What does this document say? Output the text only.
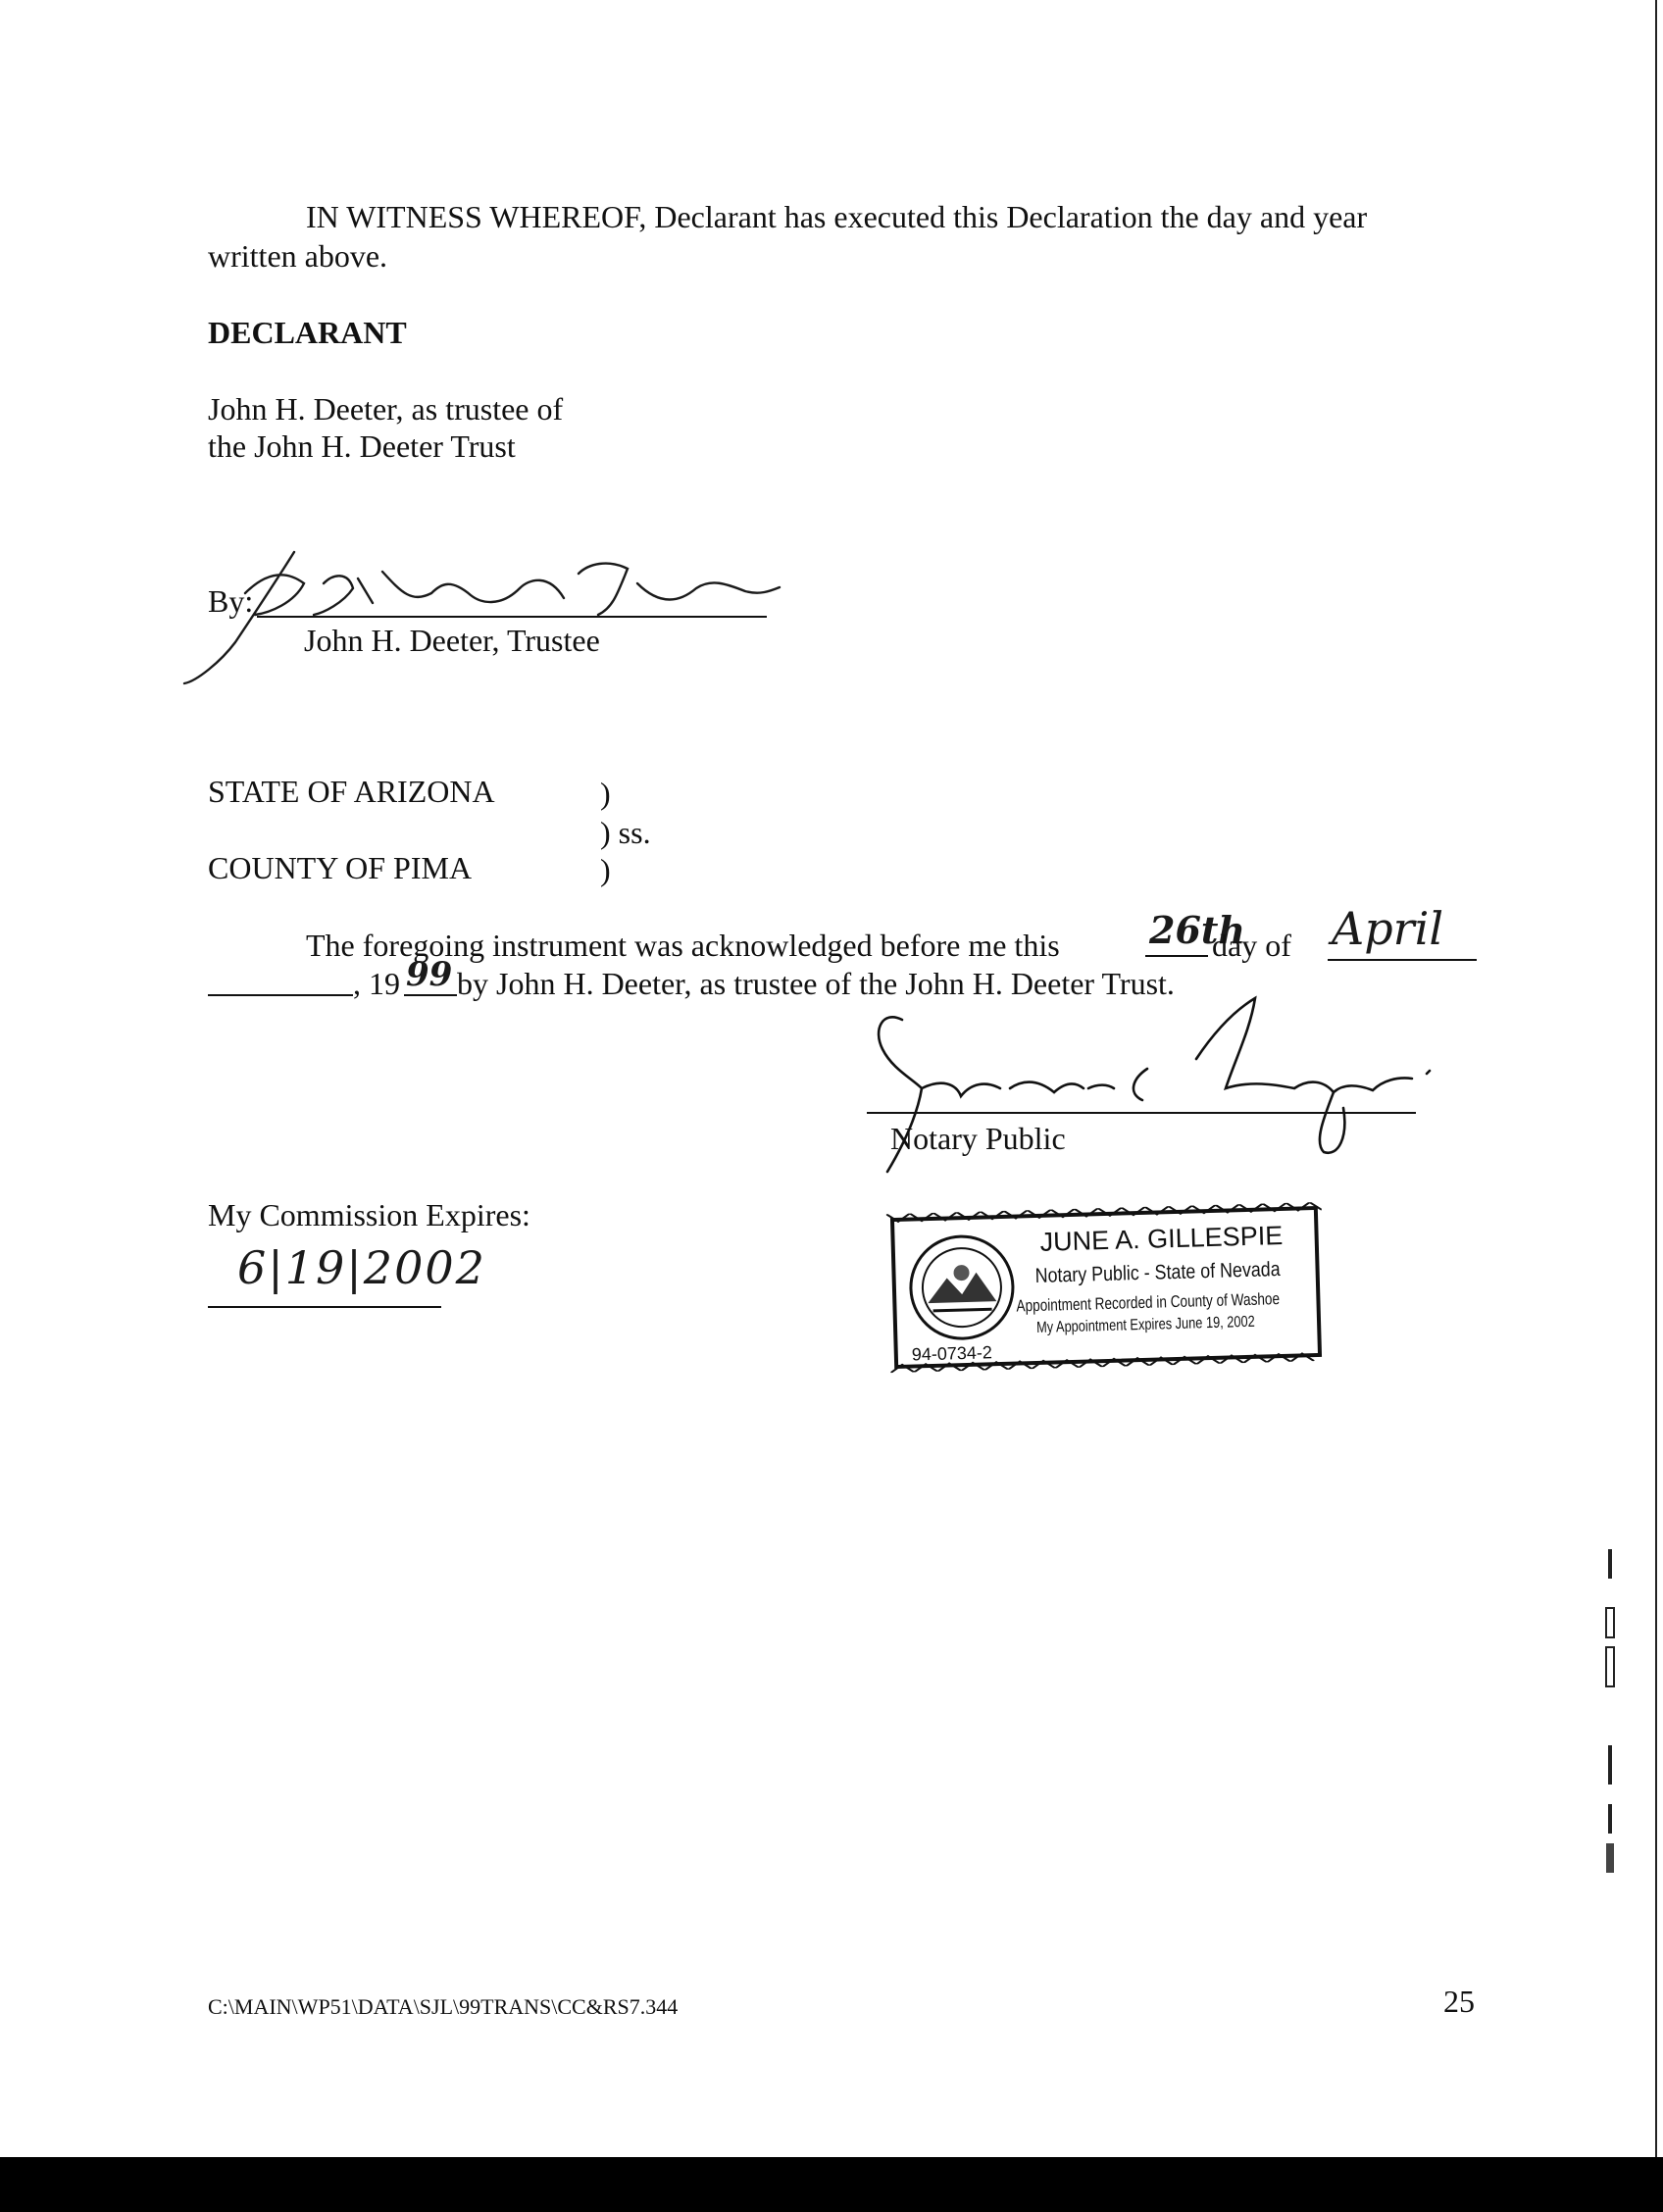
IN WITNESS WHEREOF, Declarant has executed this Declaration the day and year
written above.
DECLARANT
John H. Deeter, as trustee of
the John H. Deeter Trust
By:
John H. Deeter, Trustee
STATE OF ARIZONA	)
) ss.
COUNTY OF PIMA	)
The foregoing instrument was acknowledged before me this 26th
day of April
, 19 99 by John H. Deeter, as trustee of the John H. Deeter Trust.
Notary Public
My Commission Expires:
6|19|2002
JUNE A. GILLESPIE
Notary Public - State of Nevada
Appointment Recorded in County of Washoe
My Appointment Expires June 19, 2002
94-0734-2
C:\MAIN\WP51\DATA\SJL\99TRANS\CC&RS7.344	25
